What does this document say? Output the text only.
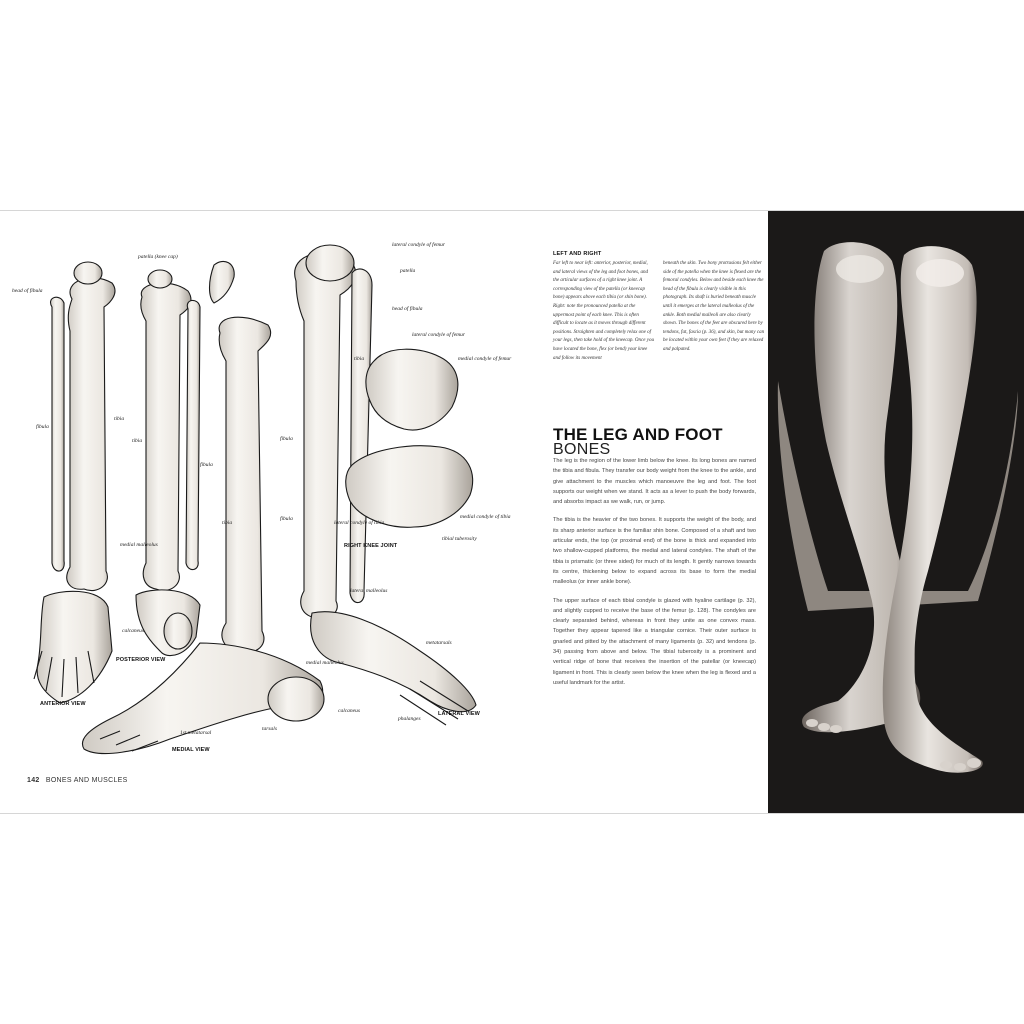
patella (knee cap)
head of fibula
fibula
tibia
tibia
fibula
medial malleolus
calcaneus
lateral condyle of femur
patella
head of fibula
tibia
fibula
tibia
fibula
lateral condyle of femur
medial condyle of femur
lateral condyle of tibia
medial condyle of tibia
tibial tuberosity
lateral malleolus
metatarsals
medial malleolus
calcaneus
phalanges
tarsals
1st metatarsal
ANTERIOR VIEW
POSTERIOR VIEW
MEDIAL VIEW
LATERAL VIEW
RIGHT KNEE JOINT
142 BONES AND MUSCLES
LEFT AND RIGHT
Far left to near left: anterior, posterior, medial, and lateral views of the leg and foot bones, and the articular surfaces of a right knee joint. A corresponding view of the patella (or kneecap bone) appears above each tibia (or shin bone). Right: note the pronounced patella at the uppermost point of each knee. This is often difficult to locate as it moves through different positions. Straighten and completely relax one of your legs, then take hold of the kneecap. Once you have located the bone, flex (or bend) your knee and follow its movement
beneath the skin. Two bony protrusions felt either side of the patella when the knee is flexed are the femoral condyles. Below and beside each knee the head of the fibula is clearly visible in this photograph. Its shaft is buried beneath muscle until it emerges at the lateral malleolus of the ankle. Both medial malleoli are also clearly shown. The bones of the feet are obscured here by tendons, fat, fascia (p. 36), and skin, but many can be located within your own feet if they are relaxed and palpated.
THE LEG AND FOOT
BONES

The leg is the region of the lower limb below the knee. Its long bones are named the tibia and fibula. They transfer our body weight from the knee to the ankle, and give attachment to the muscles which manoeuvre the leg and foot. The foot supports our weight when we stand. It acts as a lever to push the body forwards, and absorbs impact as we walk, run, or jump.

The tibia is the heavier of the two bones. It supports the weight of the body, and its sharp anterior surface is the familiar shin bone. Composed of a shaft and two articular ends, the top (or proximal end) of the bone is thick and expanded into two shallow-cupped platforms, the medial and lateral condyles. The shaft of the tibia is prismatic (or three sided) for much of its length. It gently narrows towards its centre, thickening below to expand across its base to form the medial malleolus (or inner ankle bone).

The upper surface of each tibial condyle is glazed with hyaline cartilage (p. 32), and slightly cupped to receive the base of the femur (p. 128). The condyles are clearly separated behind, whereas in front they unite as one convex mass. Together they appear tapered like a triangular cornice. Their outer surface is gnarled and pitted by the attachment of many ligaments (p. 32) and tendons (p. 34) passing from above and below. The tibial tuberosity is a prominent and vertical ridge of bone that receives the insertion of the patellar (or kneecap) ligament in front. This is clearly seen below the knee when the leg is flexed and a useful landmark for the artist.
